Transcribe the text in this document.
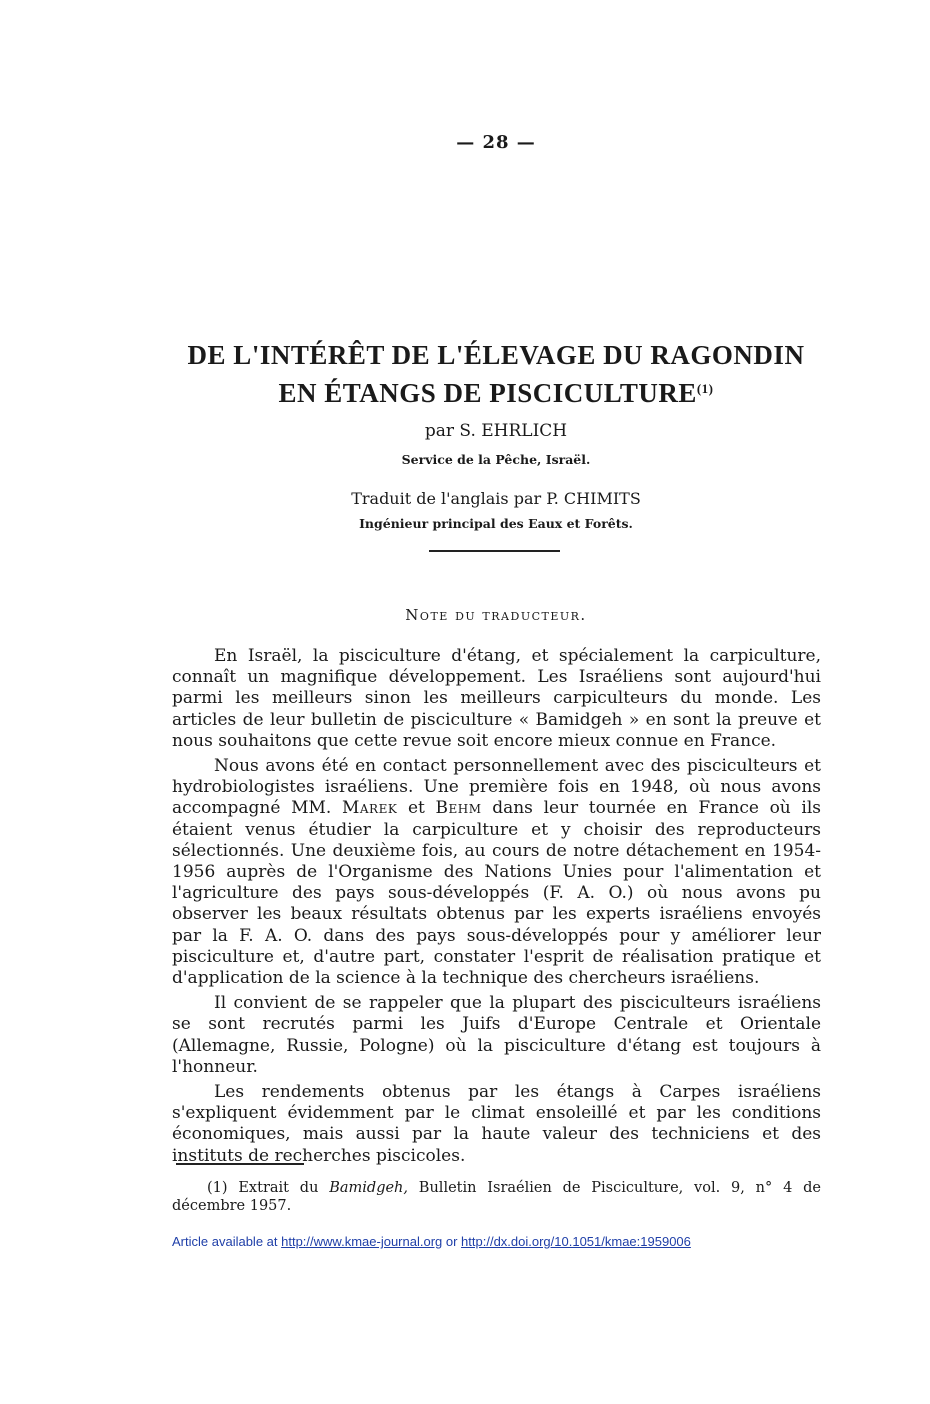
— 28 —

DE L'INTÉRÊT DE L'ÉLEVAGE DU RAGONDIN

EN ÉTANGS DE PISCICULTURE$^{(1)}$

par S. EHRLICH
Service de la Pêche, Israël.
Traduit de l'anglais par P. CHIMITS
Ingénieur principal des Eaux et Forêts.
Note du traducteur.

En Israël, la pisciculture d'étang, et spécialement la carpiculture, connaît un magnifique développement. Les Israéliens sont aujourd'hui parmi les meilleurs sinon les meilleurs carpiculteurs du monde. Les articles de leur bulletin de pisciculture « Bamidgeh » en sont la preuve et nous souhaitons que cette revue soit encore mieux connue en France.

Nous avons été en contact personnellement avec des pisciculteurs et hydrobiologistes israéliens. Une première fois en 1948, où nous avons accompagné MM. Marek et Behm dans leur tournée en France où ils étaient venus étudier la carpiculture et y choisir des reproducteurs sélectionnés. Une deuxième fois, au cours de notre détachement en 1954-1956 auprès de l'Organisme des Nations Unies pour l'alimentation et l'agriculture des pays sous-développés (F. A. O.) où nous avons pu observer les beaux résultats obtenus par les experts israéliens envoyés par la F. A. O. dans des pays sous-développés pour y améliorer leur pisciculture et, d'autre part, constater l'esprit de réalisation pratique et d'application de la science à la technique des chercheurs israéliens.

Il convient de se rappeler que la plupart des pisciculteurs israéliens se sont recrutés parmi les Juifs d'Europe Centrale et Orientale (Allemagne, Russie, Pologne) où la pisciculture d'étang est toujours à l'honneur.

Les rendements obtenus par les étangs à Carpes israéliens s'expliquent évidemment par le climat ensoleillé et par les conditions économiques, mais aussi par la haute valeur des techniciens et des instituts de recherches piscicoles.

(1) Extrait du Bamidgeh, Bulletin Israélien de Pisciculture, vol. 9, n° 4 de décembre 1957.
Article available at http://www.kmae-journal.org or http://dx.doi.org/10.1051/kmae:1959006
